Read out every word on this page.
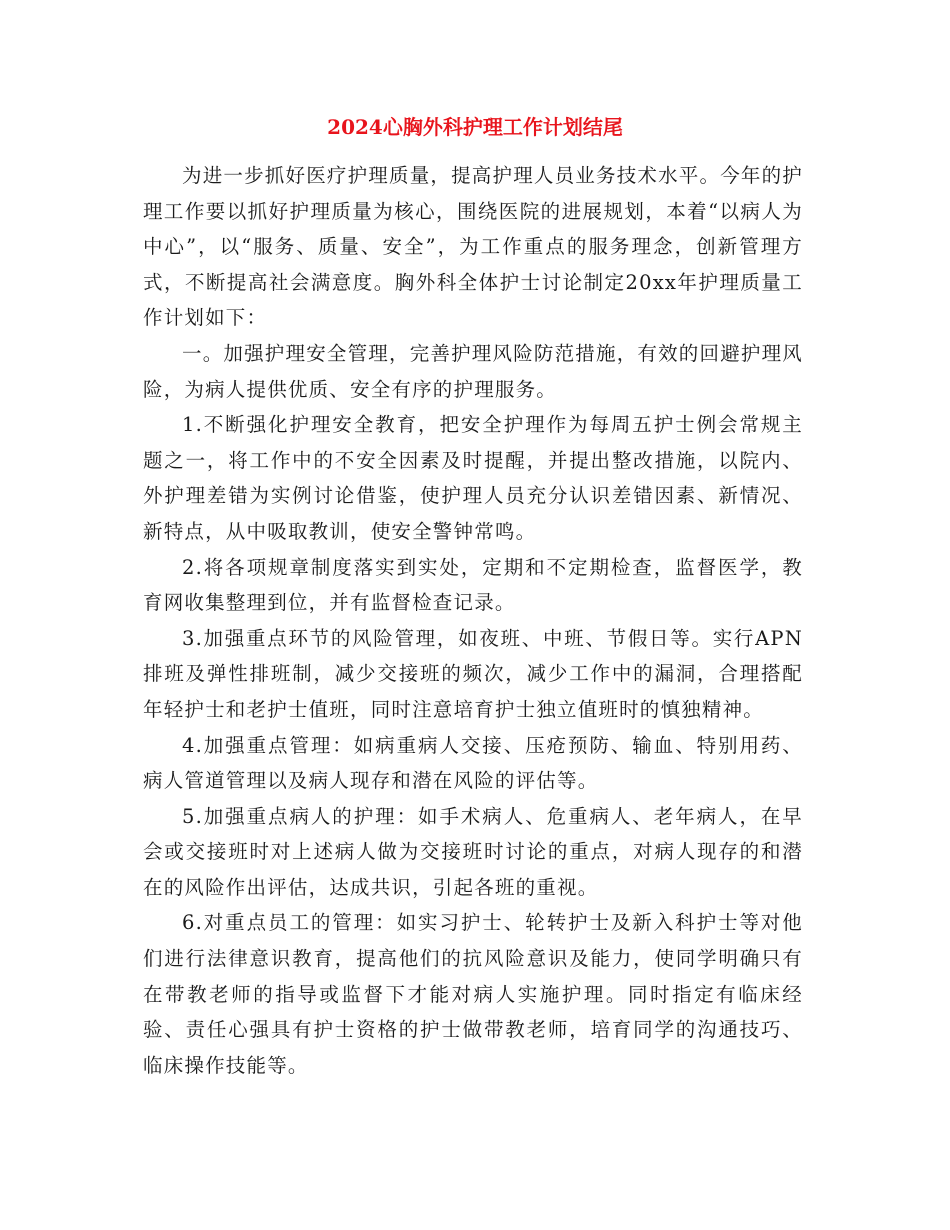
2024心胸外科护理工作计划结尾

为进一步抓好医疗护理质量，提高护理人员业务技术水平。今年的护理工作要以抓好护理质量为核心，围绕医院的进展规划，本着“以病人为中心”，以“服务、质量、安全”，为工作重点的服务理念，创新管理方式，不断提高社会满意度。胸外科全体护士讨论制定20xx年护理质量工作计划如下：

一。加强护理安全管理，完善护理风险防范措施，有效的回避护理风险，为病人提供优质、安全有序的护理服务。

1.不断强化护理安全教育，把安全护理作为每周五护士例会常规主题之一，将工作中的不安全因素及时提醒，并提出整改措施，以院内、外护理差错为实例讨论借鉴，使护理人员充分认识差错因素、新情况、新特点，从中吸取教训，使安全警钟常鸣。

2.将各项规章制度落实到实处，定期和不定期检查，监督医学，教育网收集整理到位，并有监督检查记录。

3.加强重点环节的风险管理，如夜班、中班、节假日等。实行APN排班及弹性排班制，减少交接班的频次，减少工作中的漏洞，合理搭配年轻护士和老护士值班，同时注意培育护士独立值班时的慎独精神。

4.加强重点管理：如病重病人交接、压疮预防、输血、特别用药、病人管道管理以及病人现存和潜在风险的评估等。

5.加强重点病人的护理：如手术病人、危重病人、老年病人，在早会或交接班时对上述病人做为交接班时讨论的重点，对病人现存的和潜在的风险作出评估，达成共识，引起各班的重视。

6.对重点员工的管理：如实习护士、轮转护士及新入科护士等对他们进行法律意识教育，提高他们的抗风险意识及能力，使同学明确只有在带教老师的指导或监督下才能对病人实施护理。同时指定有临床经验、责任心强具有护士资格的护士做带教老师，培育同学的沟通技巧、临床操作技能等。
